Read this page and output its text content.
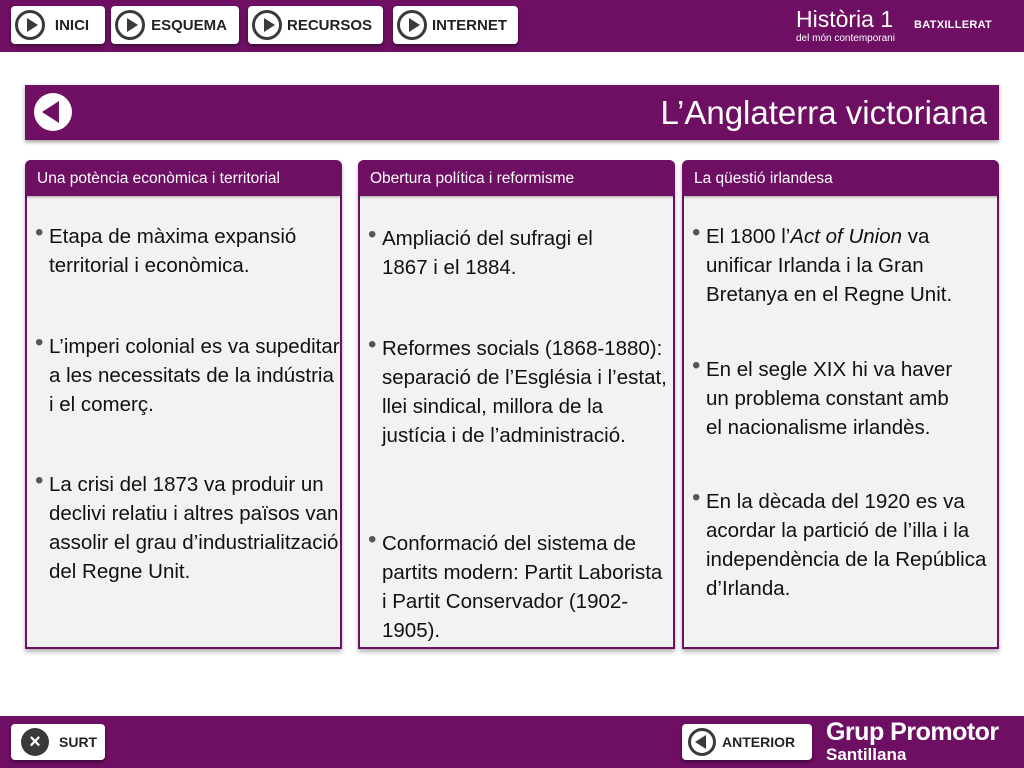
INICI	ESQUEMA	RECURSOS	INTERNET	Història 1 BATXILLERAT
del món contemporani
L’Anglaterra victoriana
Una potència econòmica i territorial
• Etapa de màxima expansió territorial i econòmica.
• L’imperi colonial es va supeditar a les necessitats de la indústria i el comerç.
• La crisi del 1873 va produir un declivi relatiu i altres països van assolir el grau d’industrialització del Regne Unit.
Obertura política i reformisme
• Ampliació del sufragi el 1867 i el 1884.
• Reformes socials (1868-1880): separació de l’Església i l’estat, llei sindical, millora de la justícia i de l’administració.
• Conformació del sistema de partits modern: Partit Laborista i Partit Conservador (1902-1905).
La qüestió irlandesa
• El 1800 l’Act of Union va unificar Irlanda i la Gran Bretanya en el Regne Unit.
• En el segle XIX hi va haver un problema constant amb el nacionalisme irlandès.
• En la dècada del 1920 es va acordar la partició de l’illa i la independència de la República d’Irlanda.
×	SURT	ANTERIOR Grup Promotor
Santillana
